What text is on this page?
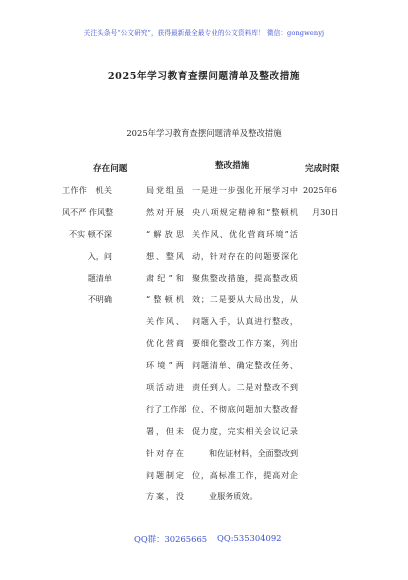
关注头条号“公文研究”，获得最新最全最专业的公文资料库！ 微信：gongwenyj
2025年学习教育查摆问题清单及整改措施
2025年学习教育查摆问题清单及整改措施
存在问题	整改措施	完成时限
工作作　机关
风不严 作风整
不实 顿不深
入，问
题清单
不明确
局党组虽
然对开展
“解放思
想、整风
肃纪”和
“整顿机
关作风、
优化营商
环境”两
项活动进
行了工作部
署，但未
针对存在
问题制定
方案，没
一是进一步强化开展学习中
央八项规定精神和“整顿机
关作风、优化营商环境”活
动，针对存在的问题要深化
聚焦整改措施，提高整改质
效；二是要从大局出发，从
问题入手，认真进行整改，
要细化整改工作方案，列出
问题清单、确定整改任务、
责任到人。二是对整改不到
位、不彻底问题加大整改督
促力度，完实相关会议记录
和佐证材料，全面整改到
位，高标准工作，提高对企
业服务质效。
2025年6
月30日
QQ群：30265665 QQ:535304092
